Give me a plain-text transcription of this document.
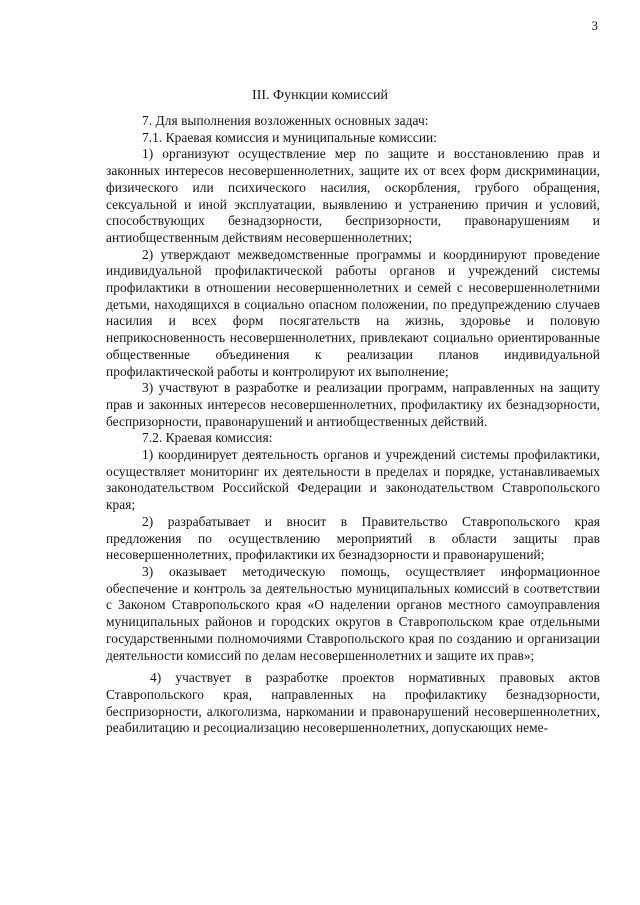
3
III. Функции комиссий

7. Для выполнения возложенных основных задач:

7.1. Краевая комиссия и муниципальные комиссии:

1) организуют осуществление мер по защите и восстановлению прав и законных интересов несовершеннолетних, защите их от всех форм дискриминации, физического или психического насилия, оскорбления, грубого обращения, сексуальной и иной эксплуатации, выявлению и устранению причин и условий, способствующих безнадзорности, беспризорности, правонарушениям и антиобщественным действиям несовершеннолетних;

2) утверждают межведомственные программы и координируют проведение индивидуальной профилактической работы органов и учреждений системы профилактики в отношении несовершеннолетних и семей с несовершеннолетними детьми, находящихся в социально опасном положении, по предупреждению случаев насилия и всех форм посягательств на жизнь, здоровье и половую неприкосновенность несовершеннолетних, привлекают социально ориентированные общественные объединения к реализации планов индивидуальной профилактической работы и контролируют их выполнение;

3) участвуют в разработке и реализации программ, направленных на защиту прав и законных интересов несовершеннолетних, профилактику их безнадзорности, беспризорности, правонарушений и антиобщественных действий.

7.2. Краевая комиссия:

1) координирует деятельность органов и учреждений системы профилактики, осуществляет мониторинг их деятельности в пределах и порядке, устанавливаемых законодательством Российской Федерации и законодательством Ставропольского края;

2) разрабатывает и вносит в Правительство Ставропольского края предложения по осуществлению мероприятий в области защиты прав несовершеннолетних, профилактики их безнадзорности и правонарушений;

3) оказывает методическую помощь, осуществляет информационное обеспечение и контроль за деятельностью муниципальных комиссий в соответствии с Законом Ставропольского края «О наделении органов местного самоуправления муниципальных районов и городских округов в Ставропольском крае отдельными государственными полномочиями Ставропольского края по созданию и организации деятельности комиссий по делам несовершеннолетних и защите их прав»;

4) участвует в разработке проектов нормативных правовых актов Ставропольского края, направленных на профилактику безнадзорности, беспризорности, алкоголизма, наркомании и правонарушений несовершеннолетних, реабилитацию и ресоциализацию несовершеннолетних, допускающих неме-
